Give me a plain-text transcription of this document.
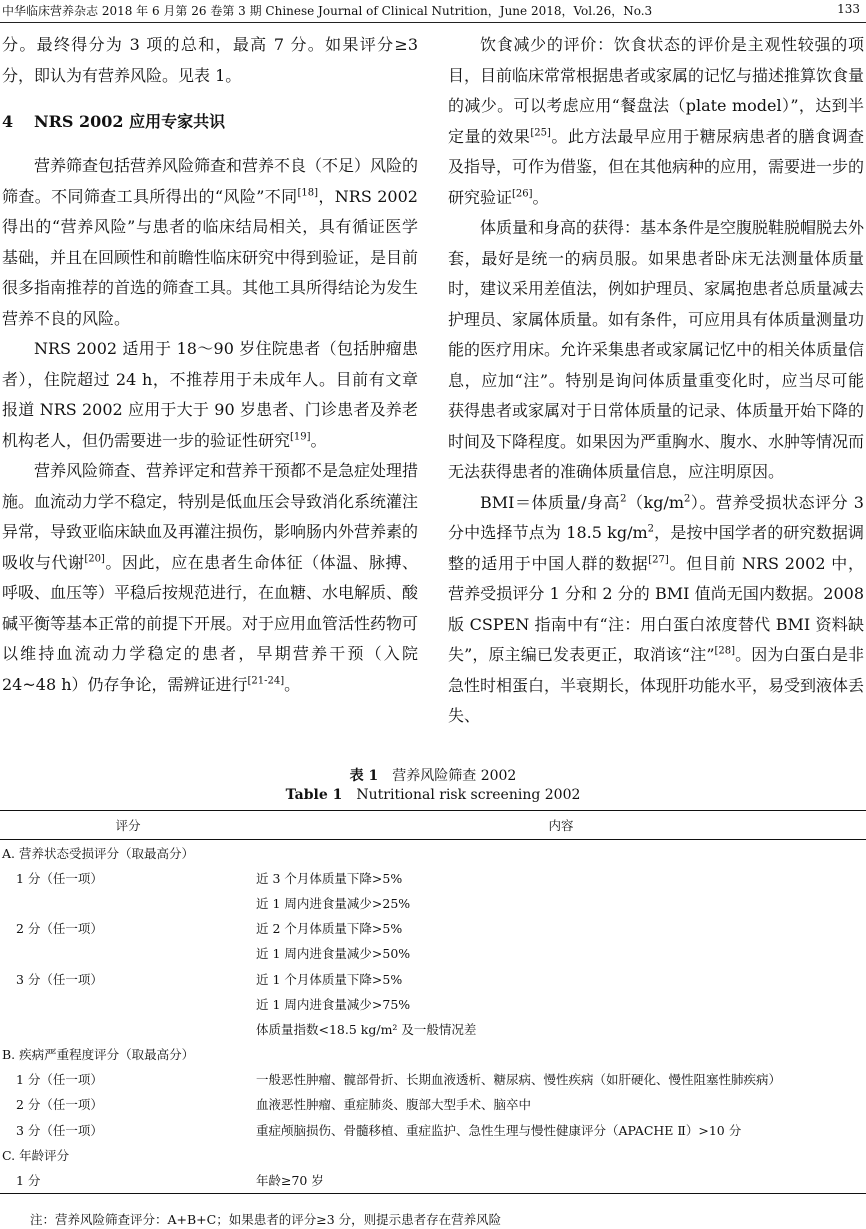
中华临床营养杂志 2018 年 6 月第 26 卷第 3 期 Chinese Journal of Clinical Nutrition，June 2018，Vol.26，No.3	133

分。最终得分为 3 项的总和，最高 7 分。如果评分≥3 分，即认为有营养风险。见表 1。

4 NRS 2002 应用专家共识

营养筛查包括营养风险筛查和营养不良（不足）风险的筛查。不同筛查工具所得出的“风险”不同[18]，NRS 2002 得出的“营养风险”与患者的临床结局相关，具有循证医学基础，并且在回顾性和前瞻性临床研究中得到验证，是目前很多指南推荐的首选的筛查工具。其他工具所得结论为发生营养不良的风险。

NRS 2002 适用于 18～90 岁住院患者（包括肿瘤患者），住院超过 24 h，不推荐用于未成年人。目前有文章报道 NRS 2002 应用于大于 90 岁患者、门诊患者及养老机构老人，但仍需要进一步的验证性研究[19]。

营养风险筛查、营养评定和营养干预都不是急症处理措施。血流动力学不稳定，特别是低血压会导致消化系统灌注异常，导致亚临床缺血及再灌注损伤，影响肠内外营养素的吸收与代谢[20]。因此，应在患者生命体征（体温、脉搏、呼吸、血压等）平稳后按规范进行，在血糖、水电解质、酸碱平衡等基本正常的前提下开展。对于应用血管活性药物可以维持血流动力学稳定的患者，早期营养干预（入院 24~48 h）仍存争论，需辨证进行[21-24]。

饮食减少的评价：饮食状态的评价是主观性较强的项目，目前临床常常根据患者或家属的记忆与描述推算饮食量的减少。可以考虑应用“餐盘法（plate model）”，达到半定量的效果[25]。此方法最早应用于糖尿病患者的膳食调查及指导，可作为借鉴，但在其他病种的应用，需要进一步的研究验证[26]。

体质量和身高的获得：基本条件是空腹脱鞋脱帽脱去外套，最好是统一的病员服。如果患者卧床无法测量体质量时，建议采用差值法，例如护理员、家属抱患者总质量减去护理员、家属体质量。如有条件，可应用具有体质量测量功能的医疗用床。允许采集患者或家属记忆中的相关体质量信息，应加“注”。特别是询问体质量重变化时，应当尽可能获得患者或家属对于日常体质量的记录、体质量开始下降的时间及下降程度。如果因为严重胸水、腹水、水肿等情况而无法获得患者的准确体质量信息，应注明原因。

BMI＝体质量/身高$^2(kg/m^2)$。营养受损状态评分 3 分中选择节点为 18.5 $kg/m^2$，是按中国学者的研究数据调整的适用于中国人群的数据[27]。但目前 NRS 2002 中，营养受损评分 1 分和 2 分的 BMI 值尚无国内数据。2008 版 CSPEN 指南中有“注：用白蛋白浓度替代 BMI 资料缺失”，原主编已发表更正，取消该“注”[28]。因为白蛋白是非急性时相蛋白，半衰期长，体现肝功能水平，易受到液体丢失、

表 1 营养风险筛查 2002
Table 1 Nutritional risk screening 2002
评分	内容
A. 营养状态受损评分（取最高分）	
1 分（任一项）	近 3 个月体质量下降>5%
	近 1 周内进食量减少>25%
2 分（任一项）	近 2 个月体质量下降>5%
	近 1 周内进食量减少>50%
3 分（任一项）	近 1 个月体质量下降>5%
	近 1 周内进食量减少>75%
	体质量指数<18.5 kg/m² 及一般情况差
B. 疾病严重程度评分（取最高分）	
1 分（任一项）	一般恶性肿瘤、髋部骨折、长期血液透析、糖尿病、慢性疾病（如肝硬化、慢性阻塞性肺疾病）
2 分（任一项）	血液恶性肿瘤、重症肺炎、腹部大型手术、脑卒中
3 分（任一项）	重症颅脑损伤、骨髓移植、重症监护、急性生理与慢性健康评分（APACHE Ⅱ）>10 分
C. 年龄评分	
1 分	年龄≥70 岁
注：营养风险筛查评分：A+B+C；如果患者的评分≥3 分，则提示患者存在营养风险
